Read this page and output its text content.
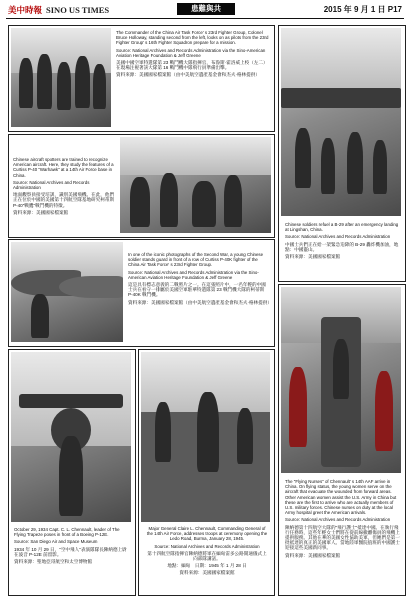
美中時報 SINO US TIMES	患難與共	2015 年 9 月 1 日 P17

The Commander of the China Air Task Force' s 23rd Fighter Group, Colonel Bruce Holloway, standing second from the left, looks on as pilots from the 23rd Fighter Group' s 16th Fighter Squadron prepare for a mission.

Source: National Archives and Records Administration via the Sino-American Aviation Heritage Foundation & Jeff Greene

美國中國空軍特遣隊第 23 戰鬥機大隊指揮官，布魯斯·霍洛威上校（左二）在現場注視著該大隊第 16 戰鬥機中隊飛行員準備出擊。

資料來源：美國國家檔案館（由中美航空遺產基金會和杰夫·格林提供）

Chinese aircraft spotters are trained to recognize American aircraft. Here, they study the features of a Curtiss P-40 "Warhawk" at a 14th Air Force base in China.

Source: National Archives and Records Administration

地面觀察員接受培訓，識別美國飛機。在此，他們正在位於中國的美國第十四航空隊基地研究柯蒂斯 P-40"戰鷹"戰鬥機的特徵。

資料來源：美國國家檔案館

Chinese soldiers refuel a B-29 after an emergency landing at Lingshan, China.

Source: National Archives and Records Administration

中國士兵們正在給一架緊急迫降的 B-29 轟炸機加油，地點：中國靈山。

資料來源：美國國家檔案館

In one of the iconic photographs of the Second War, a young Chinese soldier stands guard in front of a row of Curtiss P-40K fighter of the China Air Task Force' s 23rd Fighter Group.

Source: National Archives and Records Administration via the Sino-American Aviation Heritage Foundation & Jeff Greene

這是具有標志意義的二戰照片之一。在這張照片中，一名年輕的中國士兵在看守一排屬於美國空軍駐華特遣隊第 23 戰鬥機大隊的柯蒂斯 P-40K 戰鬥機。

資料來源：美國國家檔案館（由中美航空遺產基金會和杰夫·格林提供）

The "Flying Nurses" of Chennault' s 14th AAF arrive in China. On flying status, the young women serve on the aircraft that evacuate the wounded from forward areas. Other American women assist the U.S. Army in China but these are the first to arrive who are actually members of U.S. military forces. Chinese nurses on duty at the local Army hospital greet the American arrivals.

Source: National Archives and Records Administration

陳納德第十四航空大隊的"飛行護士"抵達中國。在執行飛行任務時，這些年輕女士們將在從前線撤離傷員的飛機上提供服務。其他在華的美國女性協助美軍，但她們是第一批抵達的真正的美國軍人。當地陸軍醫院值班的中國護士迎接這些美國新同事。

資料來源：美國國家檔案館

October 29, 1934 Capt. C. L. Chennault, leader of The Flying Trapeze poses in front of a Boeing P-12E.

Source: San Diego Air and Space Museum

1934 年 10 月 29 日，"空中飛人"表演隊隊長陳納德上尉在波音 P-12E 前留影。

資料來源：聖地亞哥航空和太空博物館

Major General Claire L. Chennault, Commanding General of the 14th Air Force, addresses troops at ceremony opening the Ledo Road, Burma, January 28, 1945.

Source: National Archives and Records Administration

第十四航空隊指揮官陳納德將軍在緬甸雷多公路開通儀式上向部隊講話。

地點：緬甸　日期：1945 年 1 月 28 日

資料來源：美國國家檔案館
